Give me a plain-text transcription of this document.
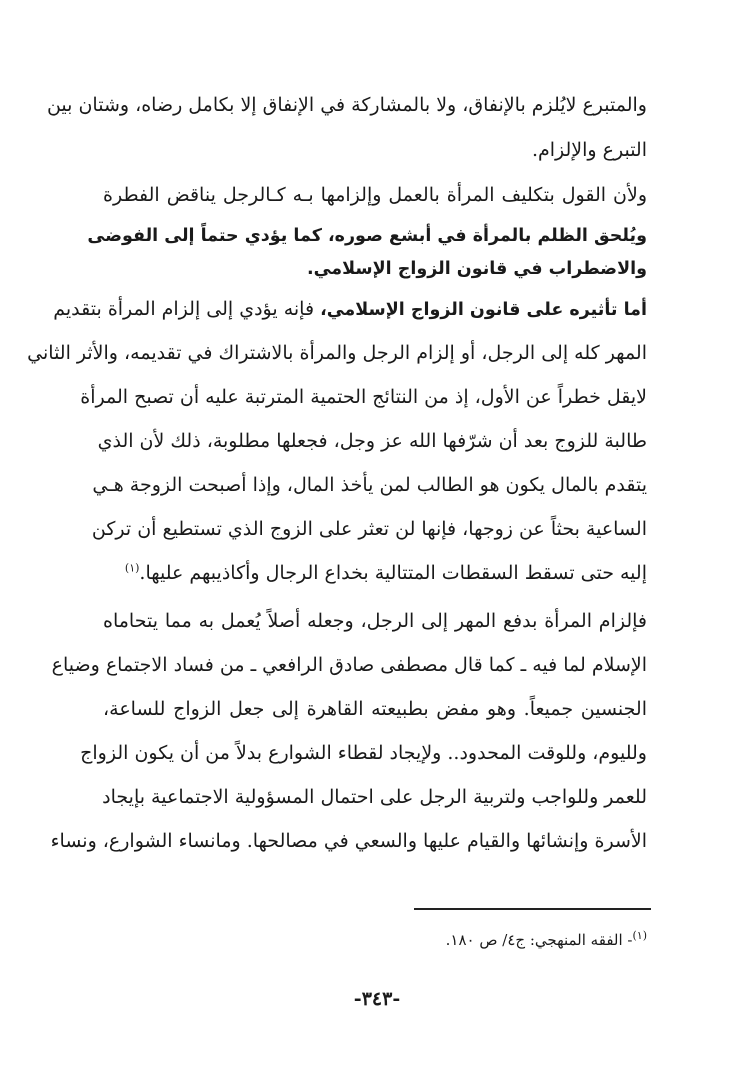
والمتبرع لايُلزم بالإنفاق، ولا بالمشاركة في الإنفاق إلا بكامل رضاه، وشتان بين
التبرع والإلزام.
ولأن القول بتكليف المرأة بالعمل وإلزامها بـه كـالرجل يناقض الفطرة
ويُلحق الظلم بالمرأة في أبشع صوره، كما يؤدي حتماً إلى الفوضى
والاضطراب في قانون الزواج الإسلامي.
أما تأثيره على قانون الزواج الإسلامي، فإنه يؤدي إلى إلزام المرأة بتقديم
المهر كله إلى الرجل، أو إلزام الرجل والمرأة بالاشتراك في تقديمه، والأثر الثاني
لايقل خطراً عن الأول، إذ من النتائج الحتمية المترتبة عليه أن تصبح المرأة
طالبة للزوج بعد أن شرّفها الله عز وجل، فجعلها مطلوبة، ذلك لأن الذي
يتقدم بالمال يكون هو الطالب لمن يأخذ المال، وإذا أصبحت الزوجة هـي
الساعية بحثاً عن زوجها، فإنها لن تعثر على الزوج الذي تستطيع أن تركن
إليه حتى تسقط السقطات المتتالية بخداع الرجال وأكاذيبهم عليها.$^{(١)}$
فإلزام المرأة بدفع المهر إلى الرجل، وجعله أصلاً يُعمل به مما يتحاماه
الإسلام لما فيه ـ كما قال مصطفى صادق الرافعي ـ من فساد الاجتماع وضياع
الجنسين جميعاً. وهو مفض بطبيعته القاهرة إلى جعل الزواج للساعة،
ولليوم، وللوقت المحدود.. ولإيجاد لقطاء الشوارع بدلاً من أن يكون الزواج
للعمر وللواجب ولتربية الرجل على احتمال المسؤولية الاجتماعية بإيجاد
الأسرة وإنشائها والقيام عليها والسعي في مصالحها. ومانساء الشوارع، ونساء
$^{(١)}$- الفقه المنهجي: ج٤/ ص ١٨٠.
-٣٤٣-
